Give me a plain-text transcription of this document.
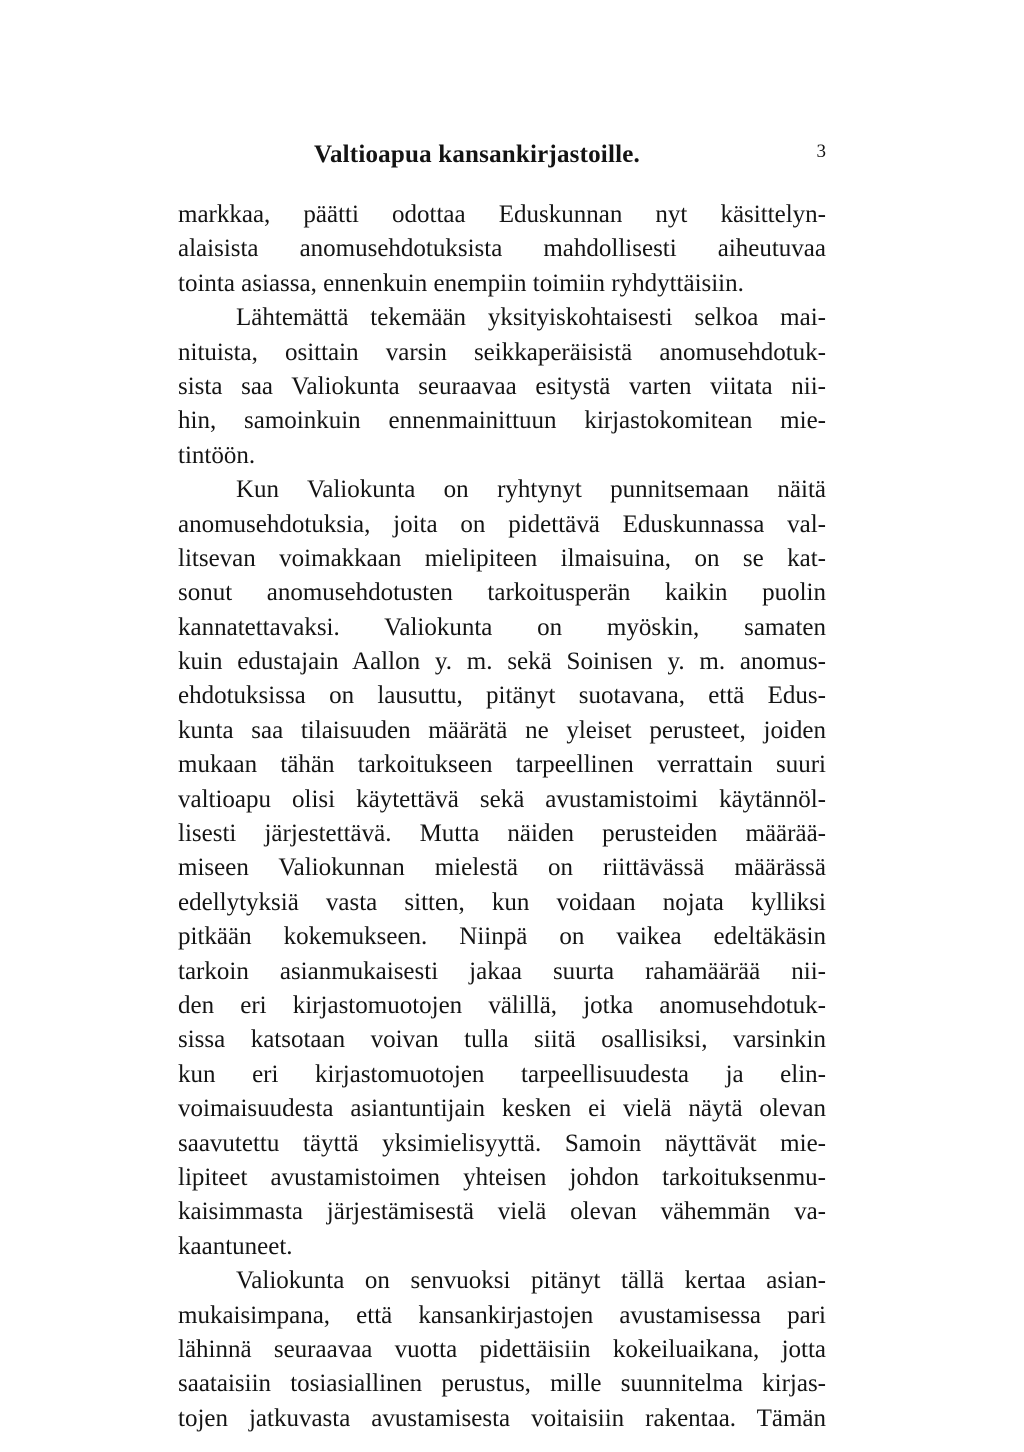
Valtioapua kansankirjastoille.	3
markkaa, päätti odottaa Eduskunnan nyt käsittelyn-
alaisista anomusehdotuksista mahdollisesti aiheutuvaa
tointa asiassa, ennenkuin enempiin toimiin ryhdyttäisiin.
Lähtemättä tekemään yksityiskohtaisesti selkoa mai-
nituista, osittain varsin seikkaperäisistä anomusehdotuk-
sista saa Valiokunta seuraavaa esitystä varten viitata nii-
hin, samoinkuin ennenmainittuun kirjastokomitean mie-
tintöön.
Kun Valiokunta on ryhtynyt punnitsemaan näitä
anomusehdotuksia, joita on pidettävä Eduskunnassa val-
litsevan voimakkaan mielipiteen ilmaisuina, on se kat-
sonut anomusehdotusten tarkoitusperän kaikin puolin
kannatettavaksi. Valiokunta on myöskin, samaten
kuin edustajain Aallon y. m. sekä Soinisen y. m. anomus-
ehdotuksissa on lausuttu, pitänyt suotavana, että Edus-
kunta saa tilaisuuden määrätä ne yleiset perusteet, joiden
mukaan tähän tarkoitukseen tarpeellinen verrattain suuri
valtioapu olisi käytettävä sekä avustamistoimi käytännöl-
lisesti järjestettävä. Mutta näiden perusteiden määrää-
miseen Valiokunnan mielestä on riittävässä määrässä
edellytyksiä vasta sitten, kun voidaan nojata kylliksi
pitkään kokemukseen. Niinpä on vaikea edeltäkäsin
tarkoin asianmukaisesti jakaa suurta rahamäärää nii-
den eri kirjastomuotojen välillä, jotka anomusehdotuk-
sissa katsotaan voivan tulla siitä osallisiksi, varsinkin
kun eri kirjastomuotojen tarpeellisuudesta ja elin-
voimaisuudesta asiantuntijain kesken ei vielä näytä olevan
saavutettu täyttä yksimielisyyttä. Samoin näyttävät mie-
lipiteet avustamistoimen yhteisen johdon tarkoituksenmu-
kaisimmasta järjestämisestä vielä olevan vähemmän va-
kaantuneet.
Valiokunta on senvuoksi pitänyt tällä kertaa asian-
mukaisimpana, että kansankirjastojen avustamisessa pari
lähinnä seuraavaa vuotta pidettäisiin kokeiluaikana, jotta
saataisiin tosiasiallinen perustus, mille suunnitelma kirjas-
tojen jatkuvasta avustamisesta voitaisiin rakentaa. Tämän
